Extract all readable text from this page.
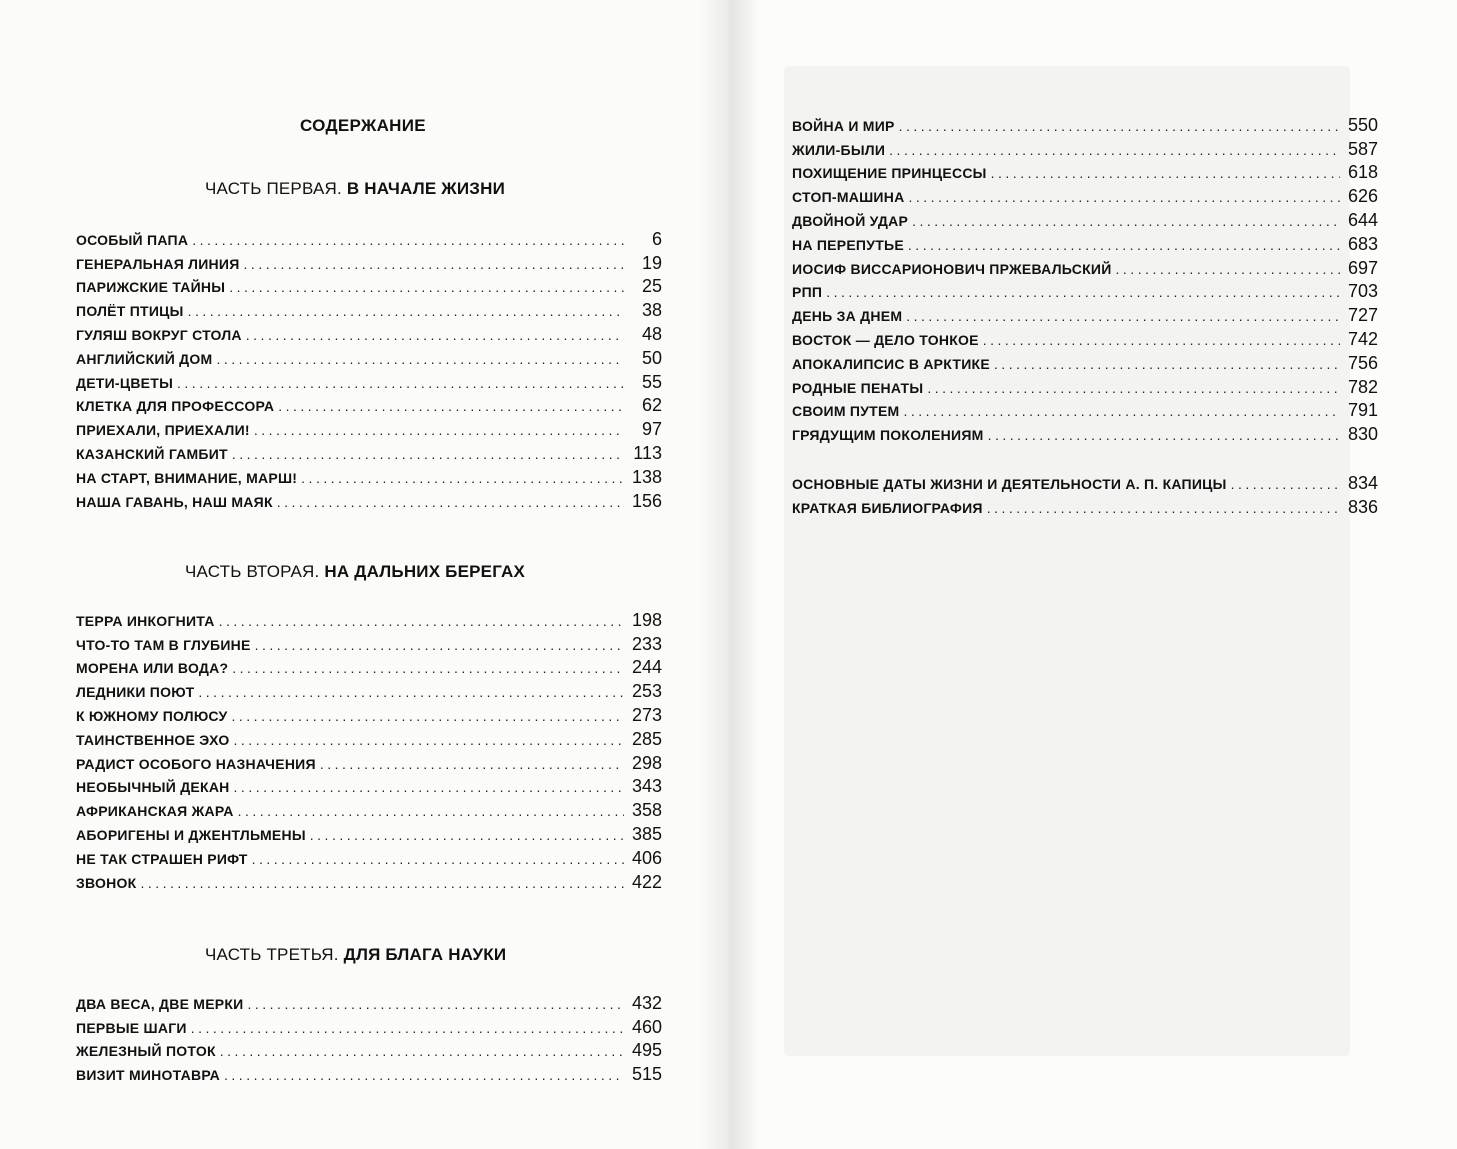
СОДЕРЖАНИЕ
ЧАСТЬ ПЕРВАЯ. В НАЧАЛЕ ЖИЗНИ
ОСОБЫЙ ПАПА .....	6
ГЕНЕРАЛЬНАЯ ЛИНИЯ .....	19
ПАРИЖСКИЕ ТАЙНЫ .....	25
ПОЛЁТ ПТИЦЫ .....	38
ГУЛЯШ ВОКРУГ СТОЛА .....	48
АНГЛИЙСКИЙ ДОМ .....	50
ДЕТИ-ЦВЕТЫ .....	55
КЛЕТКА ДЛЯ ПРОФЕССОРА .....	62
ПРИЕХАЛИ, ПРИЕХАЛИ! .....	97
КАЗАНСКИЙ ГАМБИТ .....	113
НА СТАРТ, ВНИМАНИЕ, МАРШ! .....	138
НАША ГАВАНЬ, НАШ МАЯК .....	156
ЧАСТЬ ВТОРАЯ. НА ДАЛЬНИХ БЕРЕГАХ
ТЕРРА ИНКОГНИТА .....	198
ЧТО-ТО ТАМ В ГЛУБИНЕ .....	233
МОРЕНА ИЛИ ВОДА? .....	244
ЛЕДНИКИ ПОЮТ .....	253
К ЮЖНОМУ ПОЛЮСУ .....	273
ТАИНСТВЕННОЕ ЭХО .....	285
РАДИСТ ОСОБОГО НАЗНАЧЕНИЯ .....	298
НЕОБЫЧНЫЙ ДЕКАН .....	343
АФРИКАНСКАЯ ЖАРА .....	358
АБОРИГЕНЫ И ДЖЕНТЛЬМЕНЫ .....	385
НЕ ТАК СТРАШЕН РИФТ .....	406
ЗВОНОК .....	422
ЧАСТЬ ТРЕТЬЯ. ДЛЯ БЛАГА НАУКИ
ДВА ВЕСА, ДВЕ МЕРКИ .....	432
ПЕРВЫЕ ШАГИ .....	460
ЖЕЛЕЗНЫЙ ПОТОК .....	495
ВИЗИТ МИНОТАВРА .....	515
ВОЙНА И МИР .....	550
ЖИЛИ-БЫЛИ .....	587
ПОХИЩЕНИЕ ПРИНЦЕССЫ .....	618
СТОП-МАШИНА .....	626
ДВОЙНОЙ УДАР .....	644
НА ПЕРЕПУТЬЕ .....	683
ИОСИФ ВИССАРИОНОВИЧ ПРЖЕВАЛЬСКИЙ .....	697
РПП .....	703
ДЕНЬ ЗА ДНЕМ .....	727
ВОСТОК — ДЕЛО ТОНКОЕ .....	742
АПОКАЛИПСИС В АРКТИКЕ .....	756
РОДНЫЕ ПЕНАТЫ .....	782
СВОИМ ПУТЕМ .....	791
ГРЯДУЩИМ ПОКОЛЕНИЯМ .....	830
ОСНОВНЫЕ ДАТЫ ЖИЗНИ И ДЕЯТЕЛЬНОСТИ А. П. КАПИЦЫ .....	834
КРАТКАЯ БИБЛИОГРАФИЯ .....	836
